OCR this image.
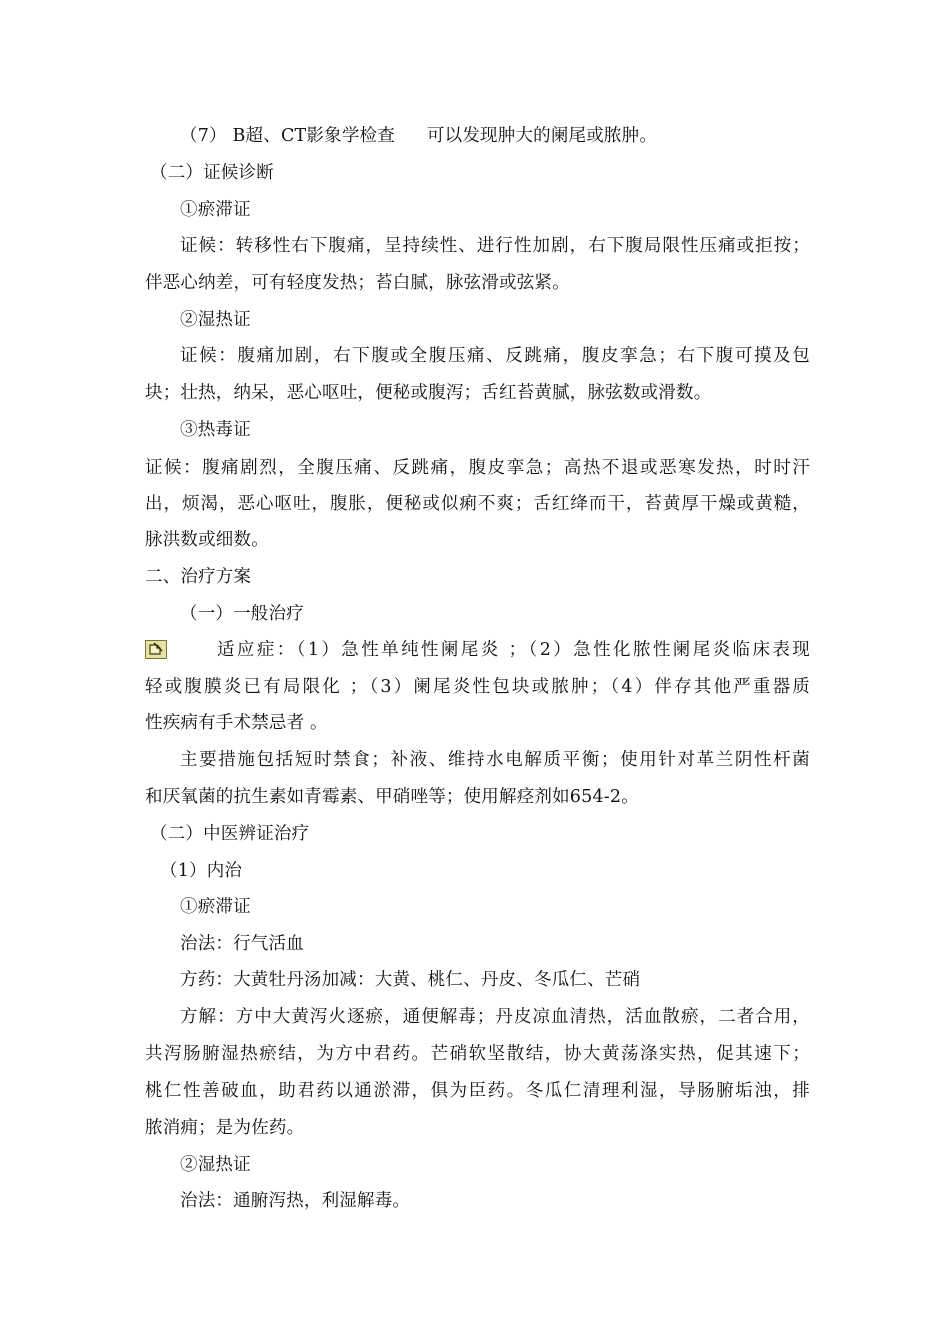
（7） B超、CT影象学检查 可以发现肿大的阑尾或脓肿。
（二）证候诊断
①瘀滞证
证候：转移性右下腹痛，呈持续性、进行性加剧，右下腹局限性压痛或拒按；
伴恶心纳差，可有轻度发热；苔白腻，脉弦滑或弦紧。
②湿热证
证候：腹痛加剧，右下腹或全腹压痛、反跳痛，腹皮挛急；右下腹可摸及包
块；壮热，纳呆，恶心呕吐，便秘或腹泻；舌红苔黄腻，脉弦数或滑数。
③热毒证
证候：腹痛剧烈，全腹压痛、反跳痛，腹皮挛急；高热不退或恶寒发热，时时汗
出，烦渴，恶心呕吐，腹胀，便秘或似痢不爽；舌红绛而干，苔黄厚干燥或黄糙，
脉洪数或细数。
二、治疗方案
（一）一般治疗
适应症：（1）急性单纯性阑尾炎 ；（2）急性化脓性阑尾炎临床表现
轻或腹膜炎已有局限化 ；（3）阑尾炎性包块或脓肿；（4）伴存其他严重器质
性疾病有手术禁忌者 。
主要措施包括短时禁食；补液、维持水电解质平衡；使用针对革兰阴性杆菌
和厌氧菌的抗生素如青霉素、甲硝唑等；使用解痉剂如654-2。
（二）中医辨证治疗
（1）内治
①瘀滞证
治法：行气活血
方药：大黄牡丹汤加减：大黄、桃仁、丹皮、冬瓜仁、芒硝
方解：方中大黄泻火逐瘀，通便解毒；丹皮凉血清热，活血散瘀，二者合用，
共泻肠腑湿热瘀结，为方中君药。芒硝软坚散结，协大黄荡涤实热，促其速下；
桃仁性善破血，助君药以通淤滞，俱为臣药。冬瓜仁清理利湿，导肠腑垢浊，排
脓消痈；是为佐药。
②湿热证
治法：通腑泻热，利湿解毒。
